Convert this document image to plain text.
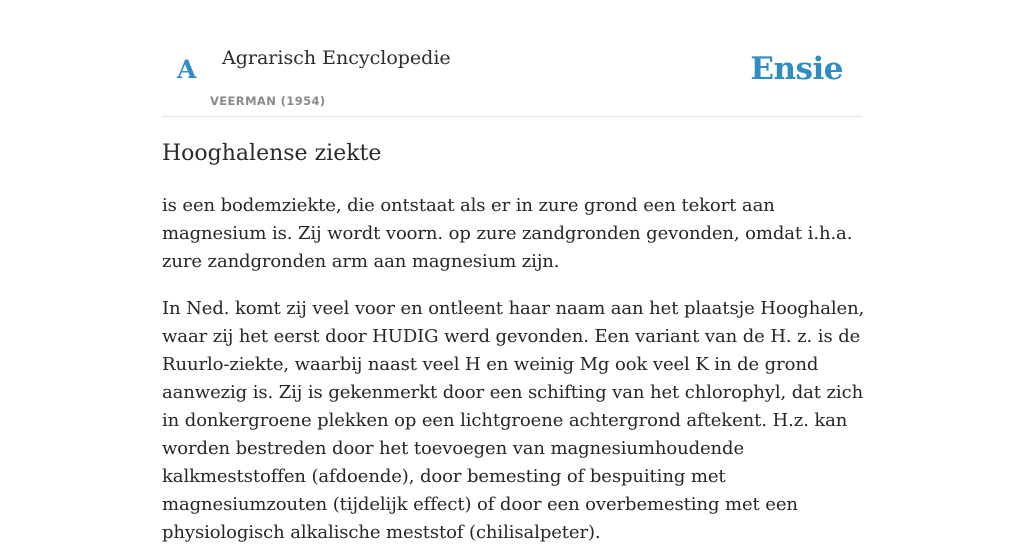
A Agrarisch Encyclopedie
VEERMAN (1954)
Ensie
Hooghalense ziekte

is een bodemziekte, die ontstaat als er in zure grond een tekort aan magnesium is. Zij wordt voorn. op zure zandgronden gevonden, omdat i.h.a. zure zandgronden arm aan magnesium zijn.

In Ned. komt zij veel voor en ontleent haar naam aan het plaatsje Hooghalen, waar zij het eerst door HUDIG werd gevonden. Een variant van de H. z. is de Ruurlo-ziekte, waarbij naast veel H en weinig Mg ook veel K in de grond aanwezig is. Zij is gekenmerkt door een schifting van het chlorophyl, dat zich in donkergroene plekken op een lichtgroene achtergrond aftekent. H.z. kan worden bestreden door het toevoegen van magnesiumhoudende kalkmeststoffen (afdoende), door bemesting of bespuiting met magnesiumzouten (tijdelijk effect) of door een overbemesting met een physiologisch alkalische meststof (chilisalpeter).
